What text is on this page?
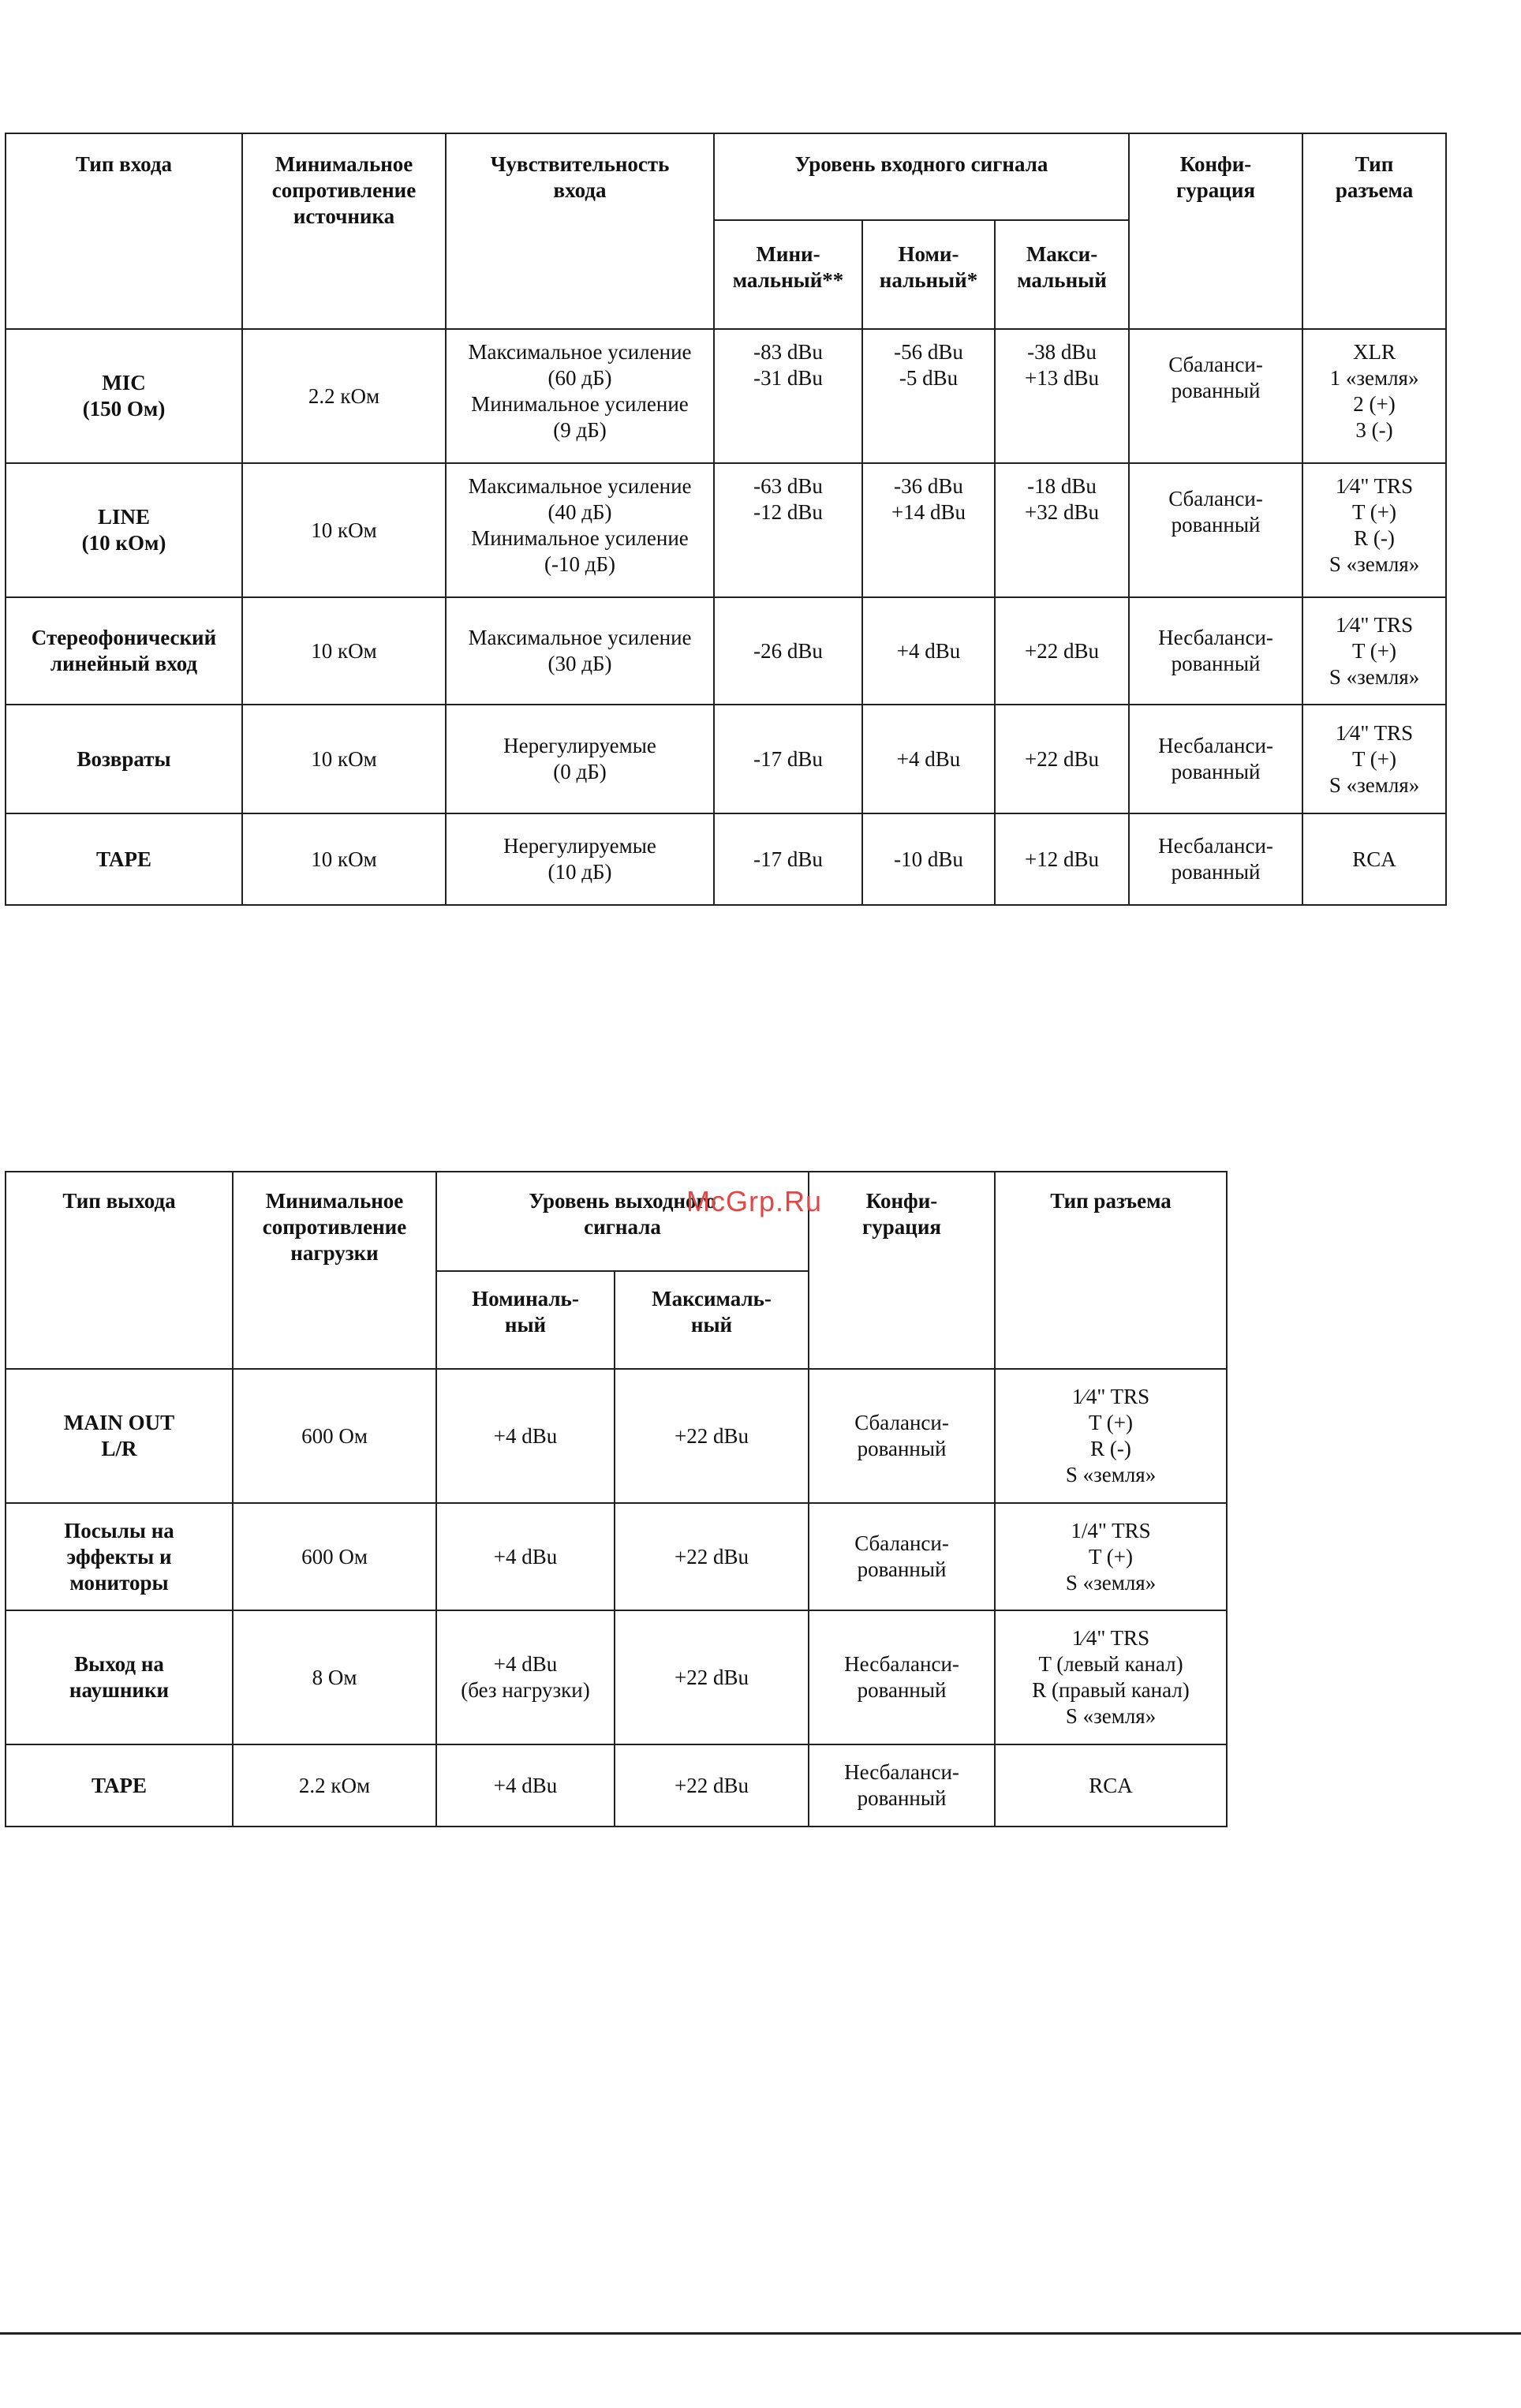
Тип входа	Минимальное
сопротивление
источника	Чувствительность
входа	Уровень входного сигнала			Конфи-
гурация	Тип
разъема
			Мини-
мальный**	Номи-
нальный*	Макси-
мальный		
MIC
(150 Ом)	2.2 кОм	Максимальное усиление
(60 дБ)
Минимальное усиление
(9 дБ)	-83 dBu
-31 dBu	-56 dBu
-5 dBu	-38 dBu
+13 dBu	Сбаланси-
рованный	XLR
1 «земля»
2 (+)
3 (-)
LINE
(10 кОм)	10 кОм	Максимальное усиление
(40 дБ)
Минимальное усиление
(-10 дБ)	-63 dBu
-12 dBu	-36 dBu
+14 dBu	-18 dBu
+32 dBu	Сбаланси-
рованный	1⁄4" TRS
T (+)
R (-)
S «земля»
Стереофонический
линейный вход	10 кОм	Максимальное усиление
(30 дБ)	-26 dBu	+4 dBu	+22 dBu	Несбаланси-
рованный	1⁄4" TRS
T (+)
S «земля»
Возвраты	10 кОм	Нерегулируемые
(0 дБ)	-17 dBu	+4 dBu	+22 dBu	Несбаланси-
рованный	1⁄4" TRS
T (+)
S «земля»
TAPE	10 кОм	Нерегулируемые
(10 дБ)	-17 dBu	-10 dBu	+12 dBu	Несбаланси-
рованный	RCA
Тип выхода	Минимальное
сопротивление
нагрузки	Уровень выходного
сигнала		Конфи-
гурация	Тип разъема
		Номиналь-
ный	Максималь-
ный		
MAIN OUT
L/R	600 Ом	+4 dBu	+22 dBu	Сбаланси-
рованный	1⁄4" TRS
T (+)
R (-)
S «земля»
Посылы на
эффекты и
мониторы	600 Ом	+4 dBu	+22 dBu	Сбаланси-
рованный	1/4" TRS
T (+)
S «земля»
Выход на
наушники	8 Ом	+4 dBu
(без нагрузки)	+22 dBu	Несбаланси-
рованный	1⁄4" TRS
T (левый канал)
R (правый канал)
S «земля»
TAPE	2.2 кОм	+4 dBu	+22 dBu	Несбаланси-
рованный	RCA
McGrp.Ru
